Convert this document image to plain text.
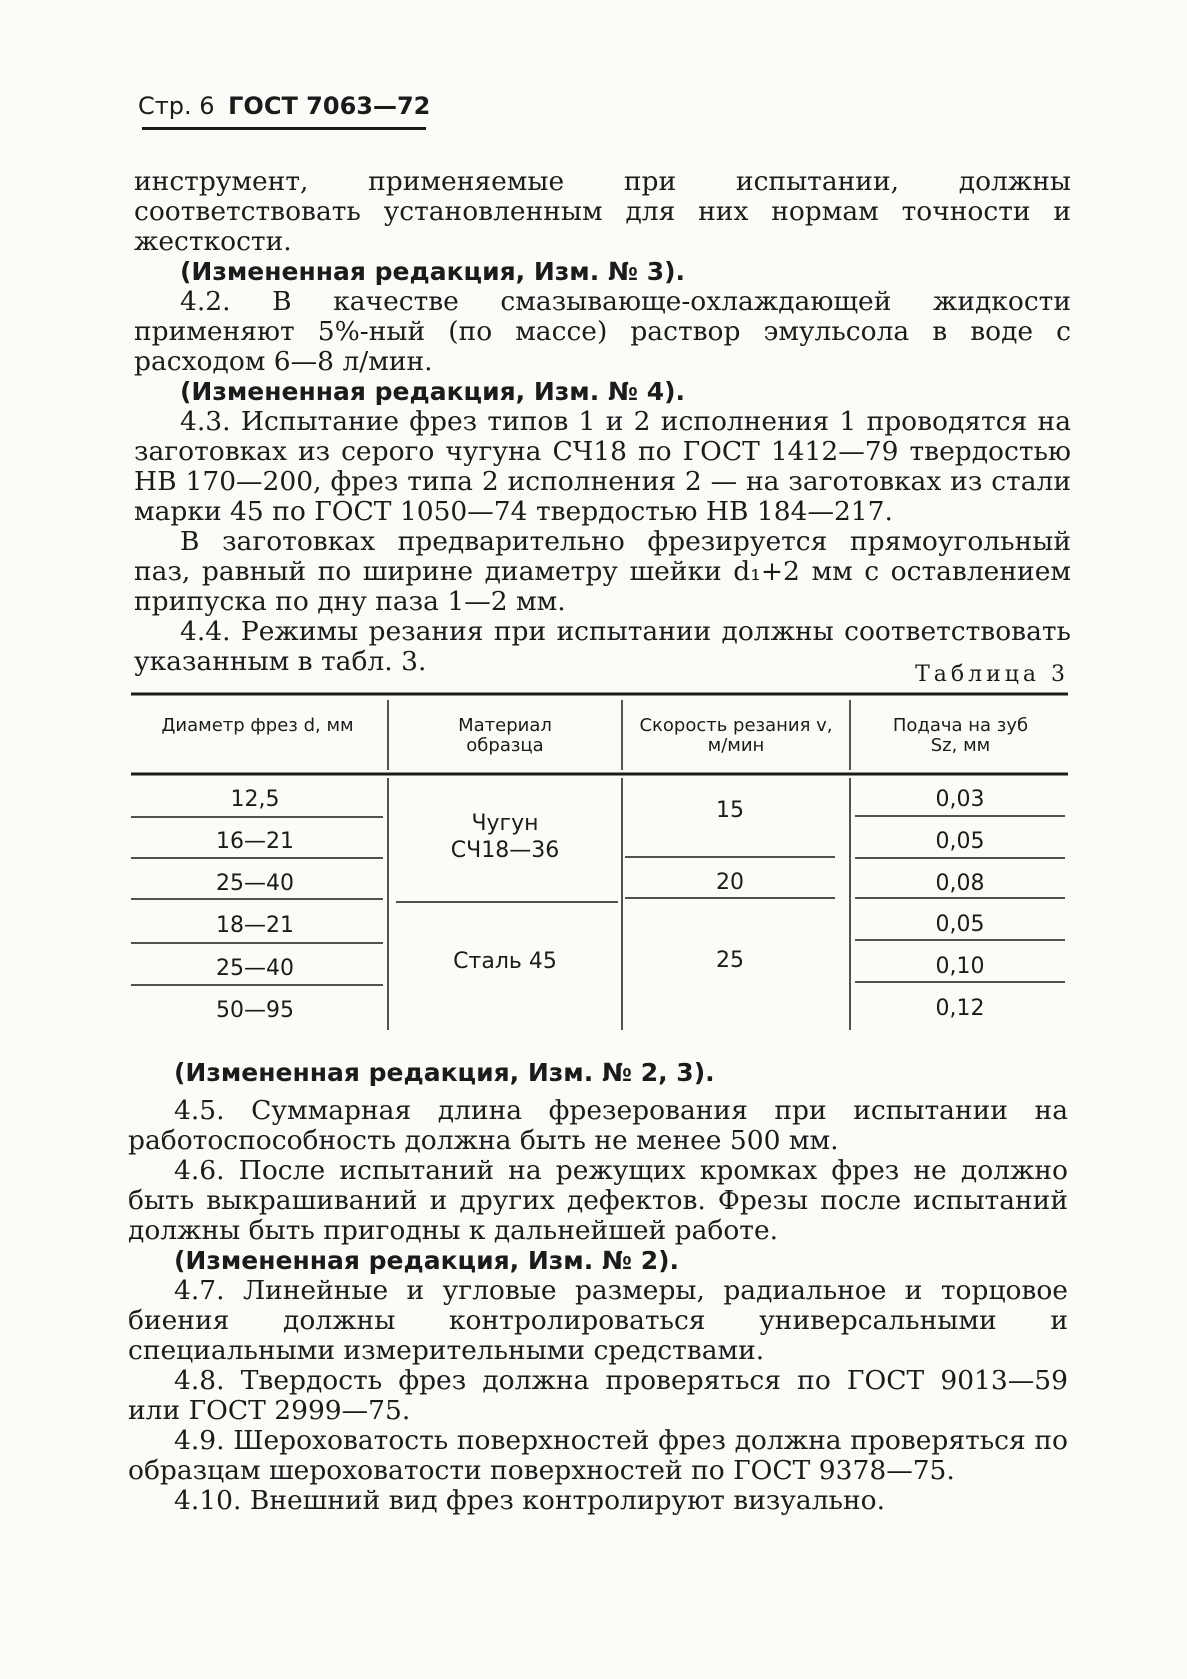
Стр. 6 ГОСТ 7063—72

инструмент, применяемые при испытании, должны соответствовать установленным для них нормам точности и жесткости.

(Измененная редакция, Изм. № 3).

4.2. В качестве смазывающе-охлаждающей жидкости применяют 5%-ный (по массе) раствор эмульсола в воде с расходом 6—8 л/мин.

(Измененная редакция, Изм. № 4).

4.3. Испытание фрез типов 1 и 2 исполнения 1 проводятся на заготовках из серого чугуна СЧ18 по ГОСТ 1412—79 твердостью НВ 170—200, фрез типа 2 исполнения 2 — на заготовках из стали марки 45 по ГОСТ 1050—74 твердостью НВ 184—217.

В заготовках предварительно фрезируется прямоугольный паз, равный по ширине диаметру шейки d₁+2 мм с оставлением припуска по дну паза 1—2 мм.

4.4. Режимы резания при испытании должны соответствовать указанным в табл. 3.	Таблица 3
Диаметр фрез d, мм	Материал образца
Скорость резания v, м/мин
Подача на зуб Sz, мм
12,5
16—21
25—40
18—21
25—40
50—95
Чугун СЧ18—36
Сталь 45
15
20
25
0,03
0,05
0,08
0,05
0,10
0,12

(Измененная редакция, Изм. № 2, 3).

4.5. Суммарная длина фрезерования при испытании на работоспособность должна быть не менее 500 мм.

4.6. После испытаний на режущих кромках фрез не должно быть выкрашиваний и других дефектов. Фрезы после испытаний должны быть пригодны к дальнейшей работе.

(Измененная редакция, Изм. № 2).

4.7. Линейные и угловые размеры, радиальное и торцовое биения должны контролироваться универсальными и специальными измерительными средствами.

4.8. Твердость фрез должна проверяться по ГОСТ 9013—59 или ГОСТ 2999—75.

4.9. Шероховатость поверхностей фрез должна проверяться по образцам шероховатости поверхностей по ГОСТ 9378—75.

4.10. Внешний вид фрез контролируют визуально.
